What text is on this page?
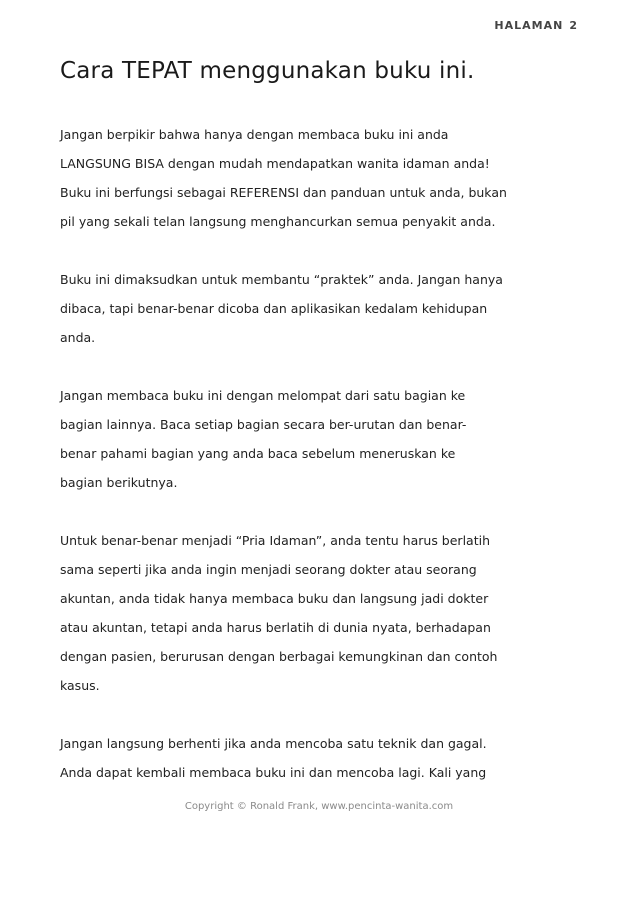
HALAMAN 2
Cara TEPAT menggunakan buku ini.
Jangan berpikir bahwa hanya dengan membaca buku ini anda
LANGSUNG BISA dengan mudah mendapatkan wanita idaman anda!
Buku ini berfungsi sebagai REFERENSI dan panduan untuk anda, bukan
pil yang sekali telan langsung menghancurkan semua penyakit anda.
Buku ini dimaksudkan untuk membantu “praktek” anda. Jangan hanya
dibaca, tapi benar-benar dicoba dan aplikasikan kedalam kehidupan
anda.
Jangan membaca buku ini dengan melompat dari satu bagian ke
bagian lainnya. Baca setiap bagian secara ber-urutan dan benar-
benar pahami bagian yang anda baca sebelum meneruskan ke
bagian berikutnya.
Untuk benar-benar menjadi “Pria Idaman”, anda tentu harus berlatih
sama seperti jika anda ingin menjadi seorang dokter atau seorang
akuntan, anda tidak hanya membaca buku dan langsung jadi dokter
atau akuntan, tetapi anda harus berlatih di dunia nyata, berhadapan
dengan pasien, berurusan dengan berbagai kemungkinan dan contoh
kasus.
Jangan langsung berhenti jika anda mencoba satu teknik dan gagal.
Anda dapat kembali membaca buku ini dan mencoba lagi. Kali yang
Copyright © Ronald Frank, www.pencinta-wanita.com
